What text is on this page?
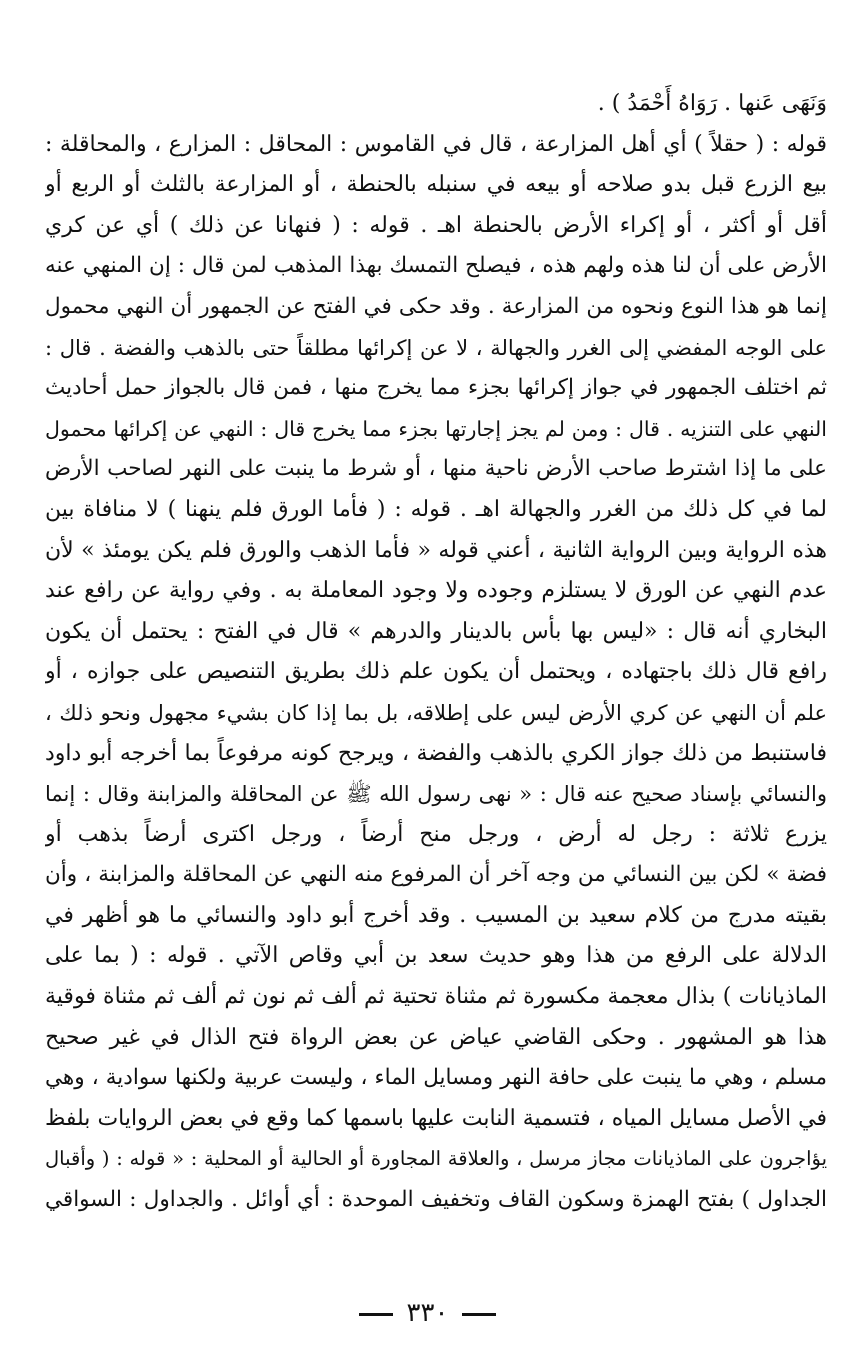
وَنَهَى عَنها . رَوَاهُ أَحْمَدُ ) .
قوله : ( حقلاً ) أي أهل المزارعة ، قال في القاموس : المحاقل : المزارع ، والمحاقلة :
بيع الزرع قبل بدو صلاحه أو بيعه في سنبله بالحنطة ، أو المزارعة بالثلث أو الربع أو
أقل أو أكثر ، أو إكراء الأرض بالحنطة اهـ . قوله : ( فنهانا عن ذلك ) أي عن كري
الأرض على أن لنا هذه ولهم هذه ، فيصلح التمسك بهذا المذهب لمن قال : إن المنهي عنه
إنما هو هذا النوع ونحوه من المزارعة . وقد حكى في الفتح عن الجمهور أن النهي محمول
على الوجه المفضي إلى الغرر والجهالة ، لا عن إكرائها مطلقاً حتى بالذهب والفضة . قال :
ثم اختلف الجمهور في جواز إكرائها بجزء مما يخرج منها ، فمن قال بالجواز حمل أحاديث
النهي على التنزيه . قال : ومن لم يجز إجارتها بجزء مما يخرج قال : النهي عن إكرائها محمول
على ما إذا اشترط صاحب الأرض ناحية منها ، أو شرط ما ينبت على النهر لصاحب الأرض
لما في كل ذلك من الغرر والجهالة اهـ . قوله : ( فأما الورق فلم ينهنا ) لا منافاة بين
هذه الرواية وبين الرواية الثانية ، أعني قوله « فأما الذهب والورق فلم يكن يومئذ » لأن
عدم النهي عن الورق لا يستلزم وجوده ولا وجود المعاملة به . وفي رواية عن رافع عند
البخاري أنه قال : «ليس بها بأس بالدينار والدرهم » قال في الفتح : يحتمل أن يكون
رافع قال ذلك باجتهاده ، ويحتمل أن يكون علم ذلك بطريق التنصيص على جوازه ، أو
علم أن النهي عن كري الأرض ليس على إطلاقه، بل بما إذا كان بشيء مجهول ونحو ذلك ،
فاستنبط من ذلك جواز الكري بالذهب والفضة ، ويرجح كونه مرفوعاً بما أخرجه أبو داود
والنسائي بإسناد صحيح عنه قال : « نهى رسول الله ﷺ عن المحاقلة والمزابنة وقال : إنما
يزرع ثلاثة : رجل له أرض ، ورجل منح أرضاً ، ورجل اكترى أرضاً بذهب أو
فضة » لكن بين النسائي من وجه آخر أن المرفوع منه النهي عن المحاقلة والمزابنة ، وأن
بقيته مدرج من كلام سعيد بن المسيب . وقد أخرج أبو داود والنسائي ما هو أظهر في
الدلالة على الرفع من هذا وهو حديث سعد بن أبي وقاص الآتي . قوله : ( بما على
الماذيانات ) بذال معجمة مكسورة ثم مثناة تحتية ثم ألف ثم نون ثم ألف ثم مثناة فوقية
هذا هو المشهور . وحكى القاضي عياض عن بعض الرواة فتح الذال في غير صحيح
مسلم ، وهي ما ينبت على حافة النهر ومسايل الماء ، وليست عربية ولكنها سوادية ، وهي
في الأصل مسايل المياه ، فتسمية النابت عليها باسمها كما وقع في بعض الروايات بلفظ
يؤاجرون على الماذيانات مجاز مرسل ، والعلاقة المجاورة أو الحالية أو المحلية : « قوله : ( وأقبال
الجداول ) بفتح الهمزة وسكون القاف وتخفيف الموحدة : أي أوائل . والجداول : السواقي
٣٣٠
